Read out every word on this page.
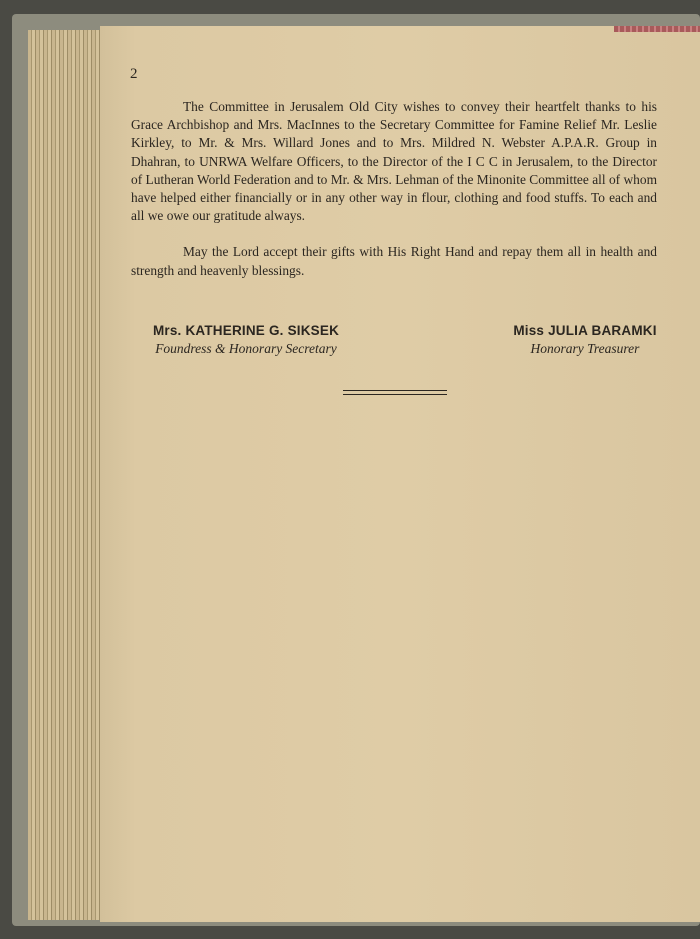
2

The Committee in Jerusalem Old City wishes to convey their heartfelt thanks to his Grace Archbishop and Mrs. MacInnes to the Secretary Committee for Famine Relief Mr. Leslie Kirkley, to Mr. & Mrs. Willard Jones and to Mrs. Mildred N. Webster A.P.A.R. Group in Dhahran, to UNRWA Welfare Officers, to the Director of the I C C in Jerusalem, to the Director of Lutheran World Federation and to Mr. & Mrs. Lehman of the Minonite Committee all of whom have helped either financially or in any other way in flour, clothing and food stuffs. To each and all we owe our gratitude always.

May the Lord accept their gifts with His Right Hand and repay them all in health and strength and heavenly blessings.

Mrs. KATHERINE G. SIKSEK
Foundress & Honorary Secretary
Miss JULIA BARAMKI
Honorary Treasurer
